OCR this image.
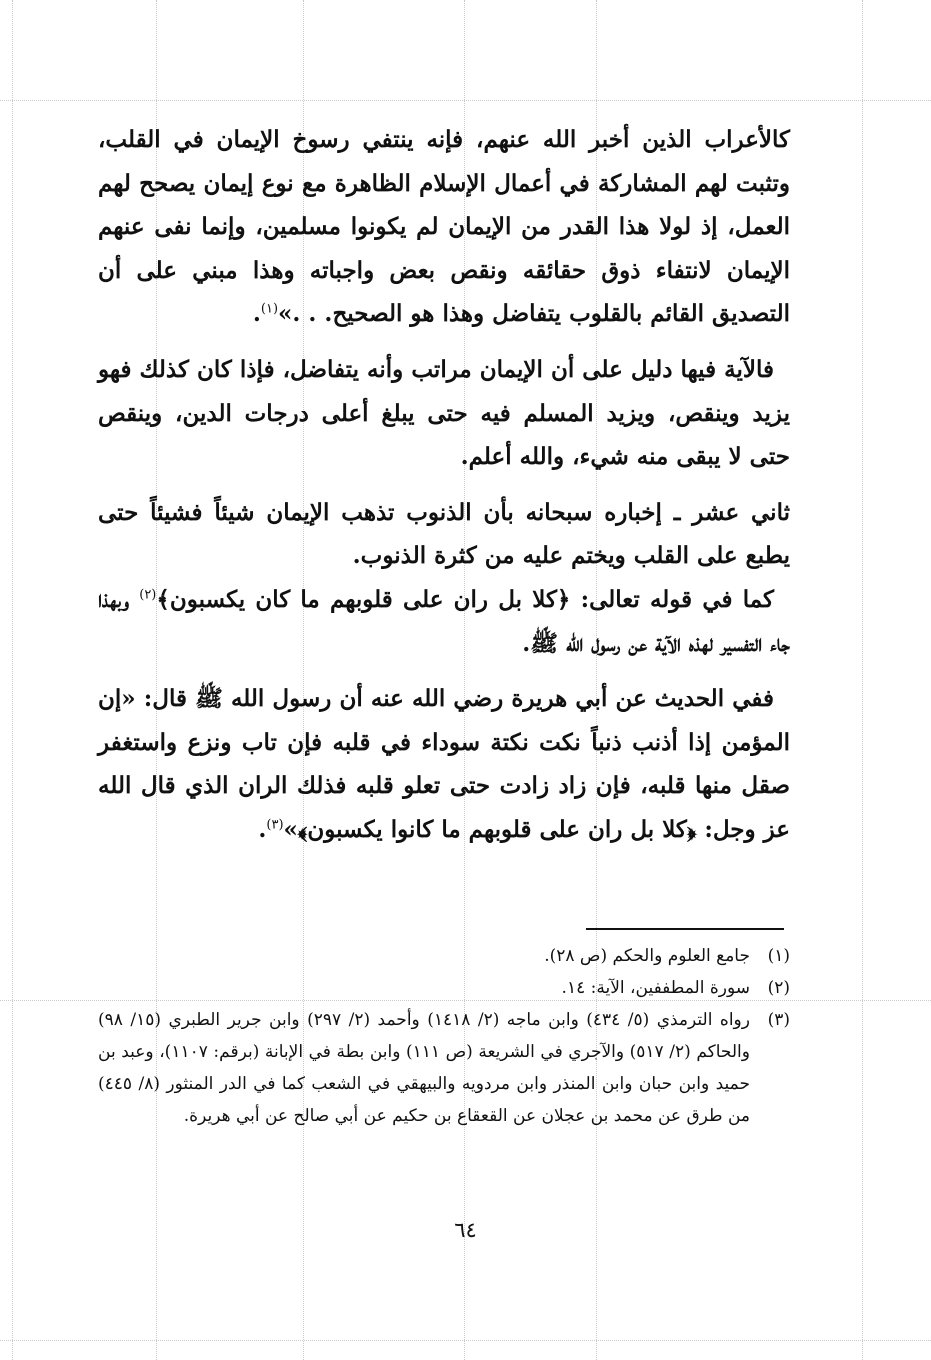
كالأعراب الذين أخبر الله عنهم، فإنه ينتفي رسوخ الإيمان في القلب، وتثبت لهم المشاركة في أعمال الإسلام الظاهرة مع نوع إيمان يصحح لهم العمل، إذ لولا هذا القدر من الإيمان لم يكونوا مسلمين، وإنما نفى عنهم الإيمان لانتفاء ذوق حقائقه ونقص بعض واجباته وهذا مبني على أن التصديق القائم بالقلوب يتفاضل وهذا هو الصحيح. . .»$^{(١)}$.

فالآية فيها دليل على أن الإيمان مراتب وأنه يتفاضل، فإذا كان كذلك فهو يزيد وينقص، ويزيد المسلم فيه حتى يبلغ أعلى درجات الدين، وينقص حتى لا يبقى منه شيء، والله أعلم.

ثاني عشر ـ إخباره سبحانه بأن الذنوب تذهب الإيمان شيئاً فشيئاً حتى يطبع على القلب ويختم عليه من كثرة الذنوب.

كما في قوله تعالى: ﴿كلا بل ران على قلوبهم ما كان يكسبون﴾$^{(٢)}$ وبهذا جاء التفسير لهذه الآية عن رسول الله ﷺ.

ففي الحديث عن أبي هريرة رضي الله عنه أن رسول الله ﷺ قال: «إن المؤمن إذا أذنب ذنباً نكت نكتة سوداء في قلبه فإن تاب ونزع واستغفر صقل منها قلبه، فإن زاد زادت حتى تعلو قلبه فذلك الران الذي قال الله عز وجل: ﴿كلا بل ران على قلوبهم ما كانوا يكسبون﴾»$^{(٣)}$.

(١)
جامع العلوم والحكم (ص ٢٨).
(٢)
سورة المطففين، الآية: ١٤.
(٣)
رواه الترمذي (٥/ ٤٣٤) وابن ماجه (٢/ ١٤١٨) وأحمد (٢/ ٢٩٧) وابن جرير الطبري (١٥/ ٩٨) والحاكم (٢/ ٥١٧) والآجري في الشريعة (ص ١١١) وابن بطة في الإبانة (برقم: ١١٠٧)، وعبد بن حميد وابن حبان وابن المنذر وابن مردويه والبيهقي في الشعب كما في الدر المنثور (٨/ ٤٤٥) من طرق عن محمد بن عجلان عن القعقاع بن حكيم عن أبي صالح عن أبي هريرة.
٦٤
